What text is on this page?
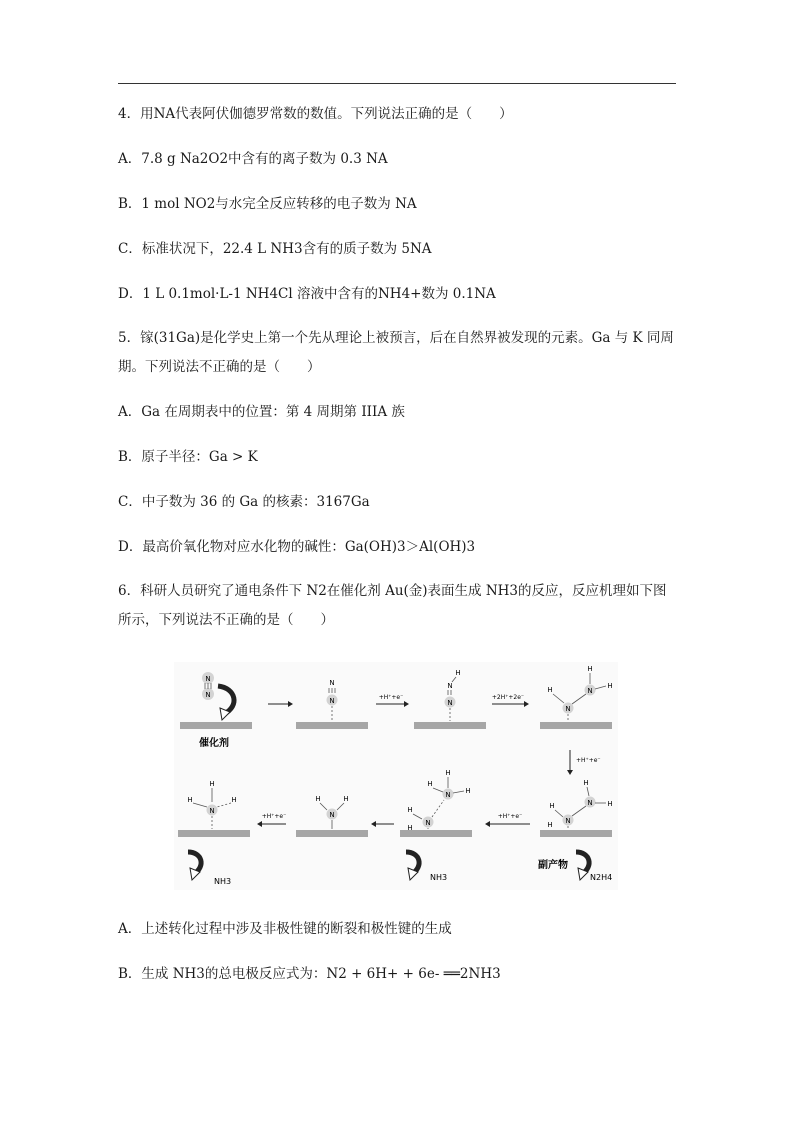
4．用NA代表阿伏伽德罗常数的数值。下列说法正确的是（　　）
A．7.8 g Na2O2中含有的离子数为 0.3 NA
B．1 mol NO2与水完全反应转移的电子数为 NA
C．标准状况下，22.4 L NH3含有的质子数为 5NA
D．1 L 0.1mol·L-1 NH4Cl 溶液中含有的NH4+数为 0.1NA
5．镓(31Ga)是化学史上第一个先从理论上被预言，后在自然界被发现的元素。Ga 与 K 同周
期。下列说法不正确的是（　　）
A．Ga 在周期表中的位置：第 4 周期第 IIIA 族
B．原子半径：Ga > K
C．中子数为 36 的 Ga 的核素：3167Ga
D．最高价氧化物对应水化物的碱性：Ga(OH)3＞Al(OH)3
6．科研人员研究了通电条件下 N2在催化剂 Au(金)表面生成 NH3的反应，反应机理如下图
所示，下列说法不正确的是（　　）
N
N
催化剂
N
N	+H⁺+e⁻
H
N
N
+2H⁺+2e⁻
N
H	N
H
H
+H⁺+e⁻
H
N
N
H
H
H
副产物
N2H4
+H⁺+e⁻
H
N
N
H
H
H
H
NH3
H	H
N
+H⁺+e⁻
H
H
H
N
NH3
A．上述转化过程中涉及非极性键的断裂和极性键的生成
B．生成 NH3的总电极反应式为：N2 + 6H+ + 6e- ══2NH3
